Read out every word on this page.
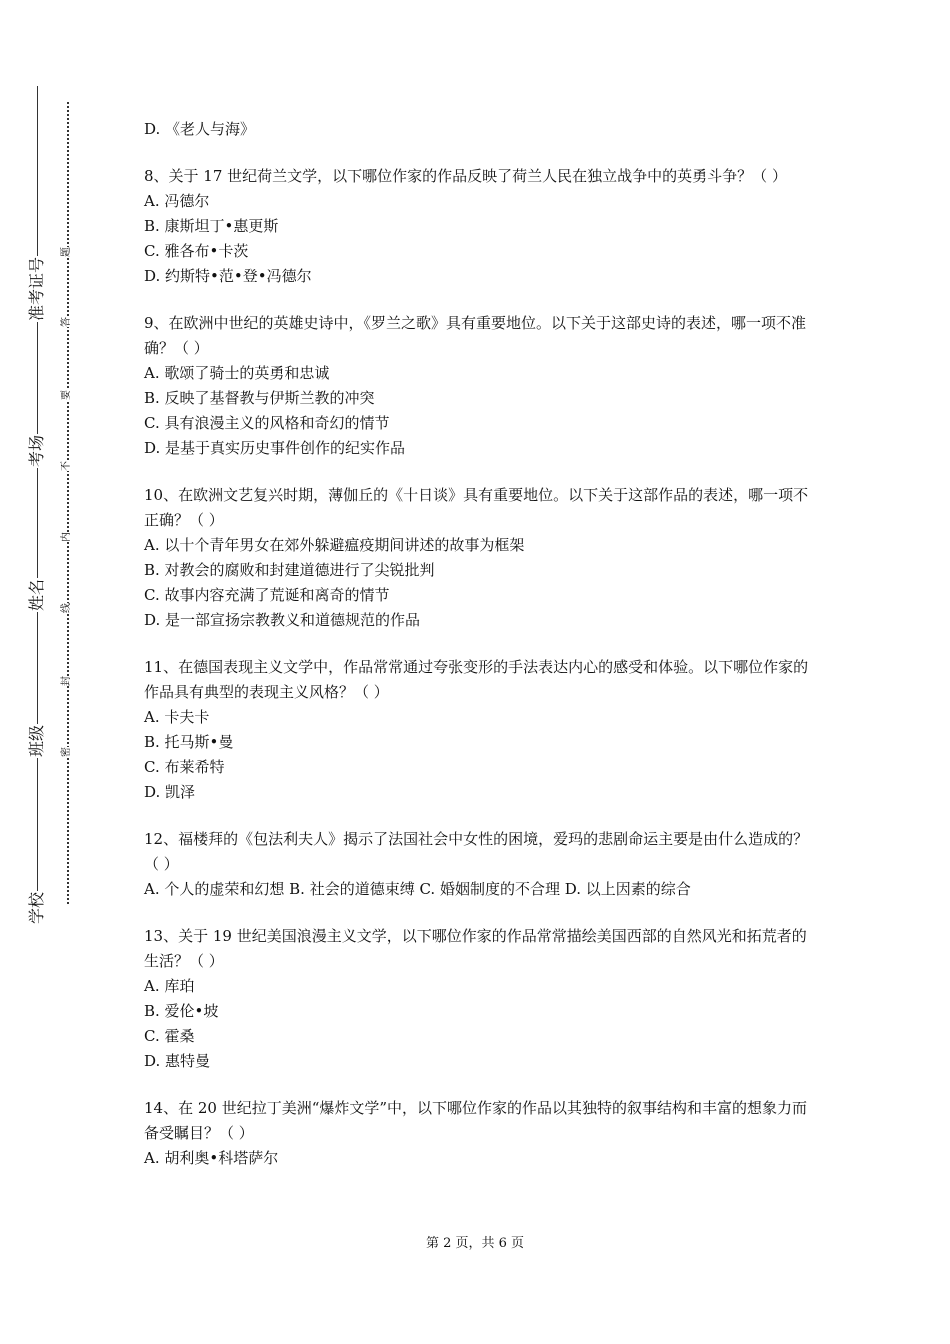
准考证号
考场
姓名
班级
学校
题
答
要
不
内
线
封
密
D. 《老人与海》
8、关于 17 世纪荷兰文学，以下哪位作家的作品反映了荷兰人民在独立战争中的英勇斗争？（ ）
A. 冯德尔
B. 康斯坦丁•惠更斯
C. 雅各布•卡茨
D. 约斯特•范•登•冯德尔
9、在欧洲中世纪的英雄史诗中，《罗兰之歌》具有重要地位。以下关于这部史诗的表述，哪一项不准确？（ ）
A. 歌颂了骑士的英勇和忠诚
B. 反映了基督教与伊斯兰教的冲突
C. 具有浪漫主义的风格和奇幻的情节
D. 是基于真实历史事件创作的纪实作品
10、在欧洲文艺复兴时期，薄伽丘的《十日谈》具有重要地位。以下关于这部作品的表述，哪一项不正确？（ ）
A. 以十个青年男女在郊外躲避瘟疫期间讲述的故事为框架
B. 对教会的腐败和封建道德进行了尖锐批判
C. 故事内容充满了荒诞和离奇的情节
D. 是一部宣扬宗教教义和道德规范的作品
11、在德国表现主义文学中，作品常常通过夸张变形的手法表达内心的感受和体验。以下哪位作家的作品具有典型的表现主义风格？（ ）
A. 卡夫卡
B. 托马斯•曼
C. 布莱希特
D. 凯泽
12、福楼拜的《包法利夫人》揭示了法国社会中女性的困境，爱玛的悲剧命运主要是由什么造成的？（ ）
A. 个人的虚荣和幻想 B. 社会的道德束缚 C. 婚姻制度的不合理 D. 以上因素的综合
13、关于 19 世纪美国浪漫主义文学，以下哪位作家的作品常常描绘美国西部的自然风光和拓荒者的生活？（ ）
A. 库珀
B. 爱伦•坡
C. 霍桑
D. 惠特曼
14、在 20 世纪拉丁美洲“爆炸文学”中，以下哪位作家的作品以其独特的叙事结构和丰富的想象力而备受瞩目？（ ）
A. 胡利奥•科塔萨尔
第 2 页，共 6 页
